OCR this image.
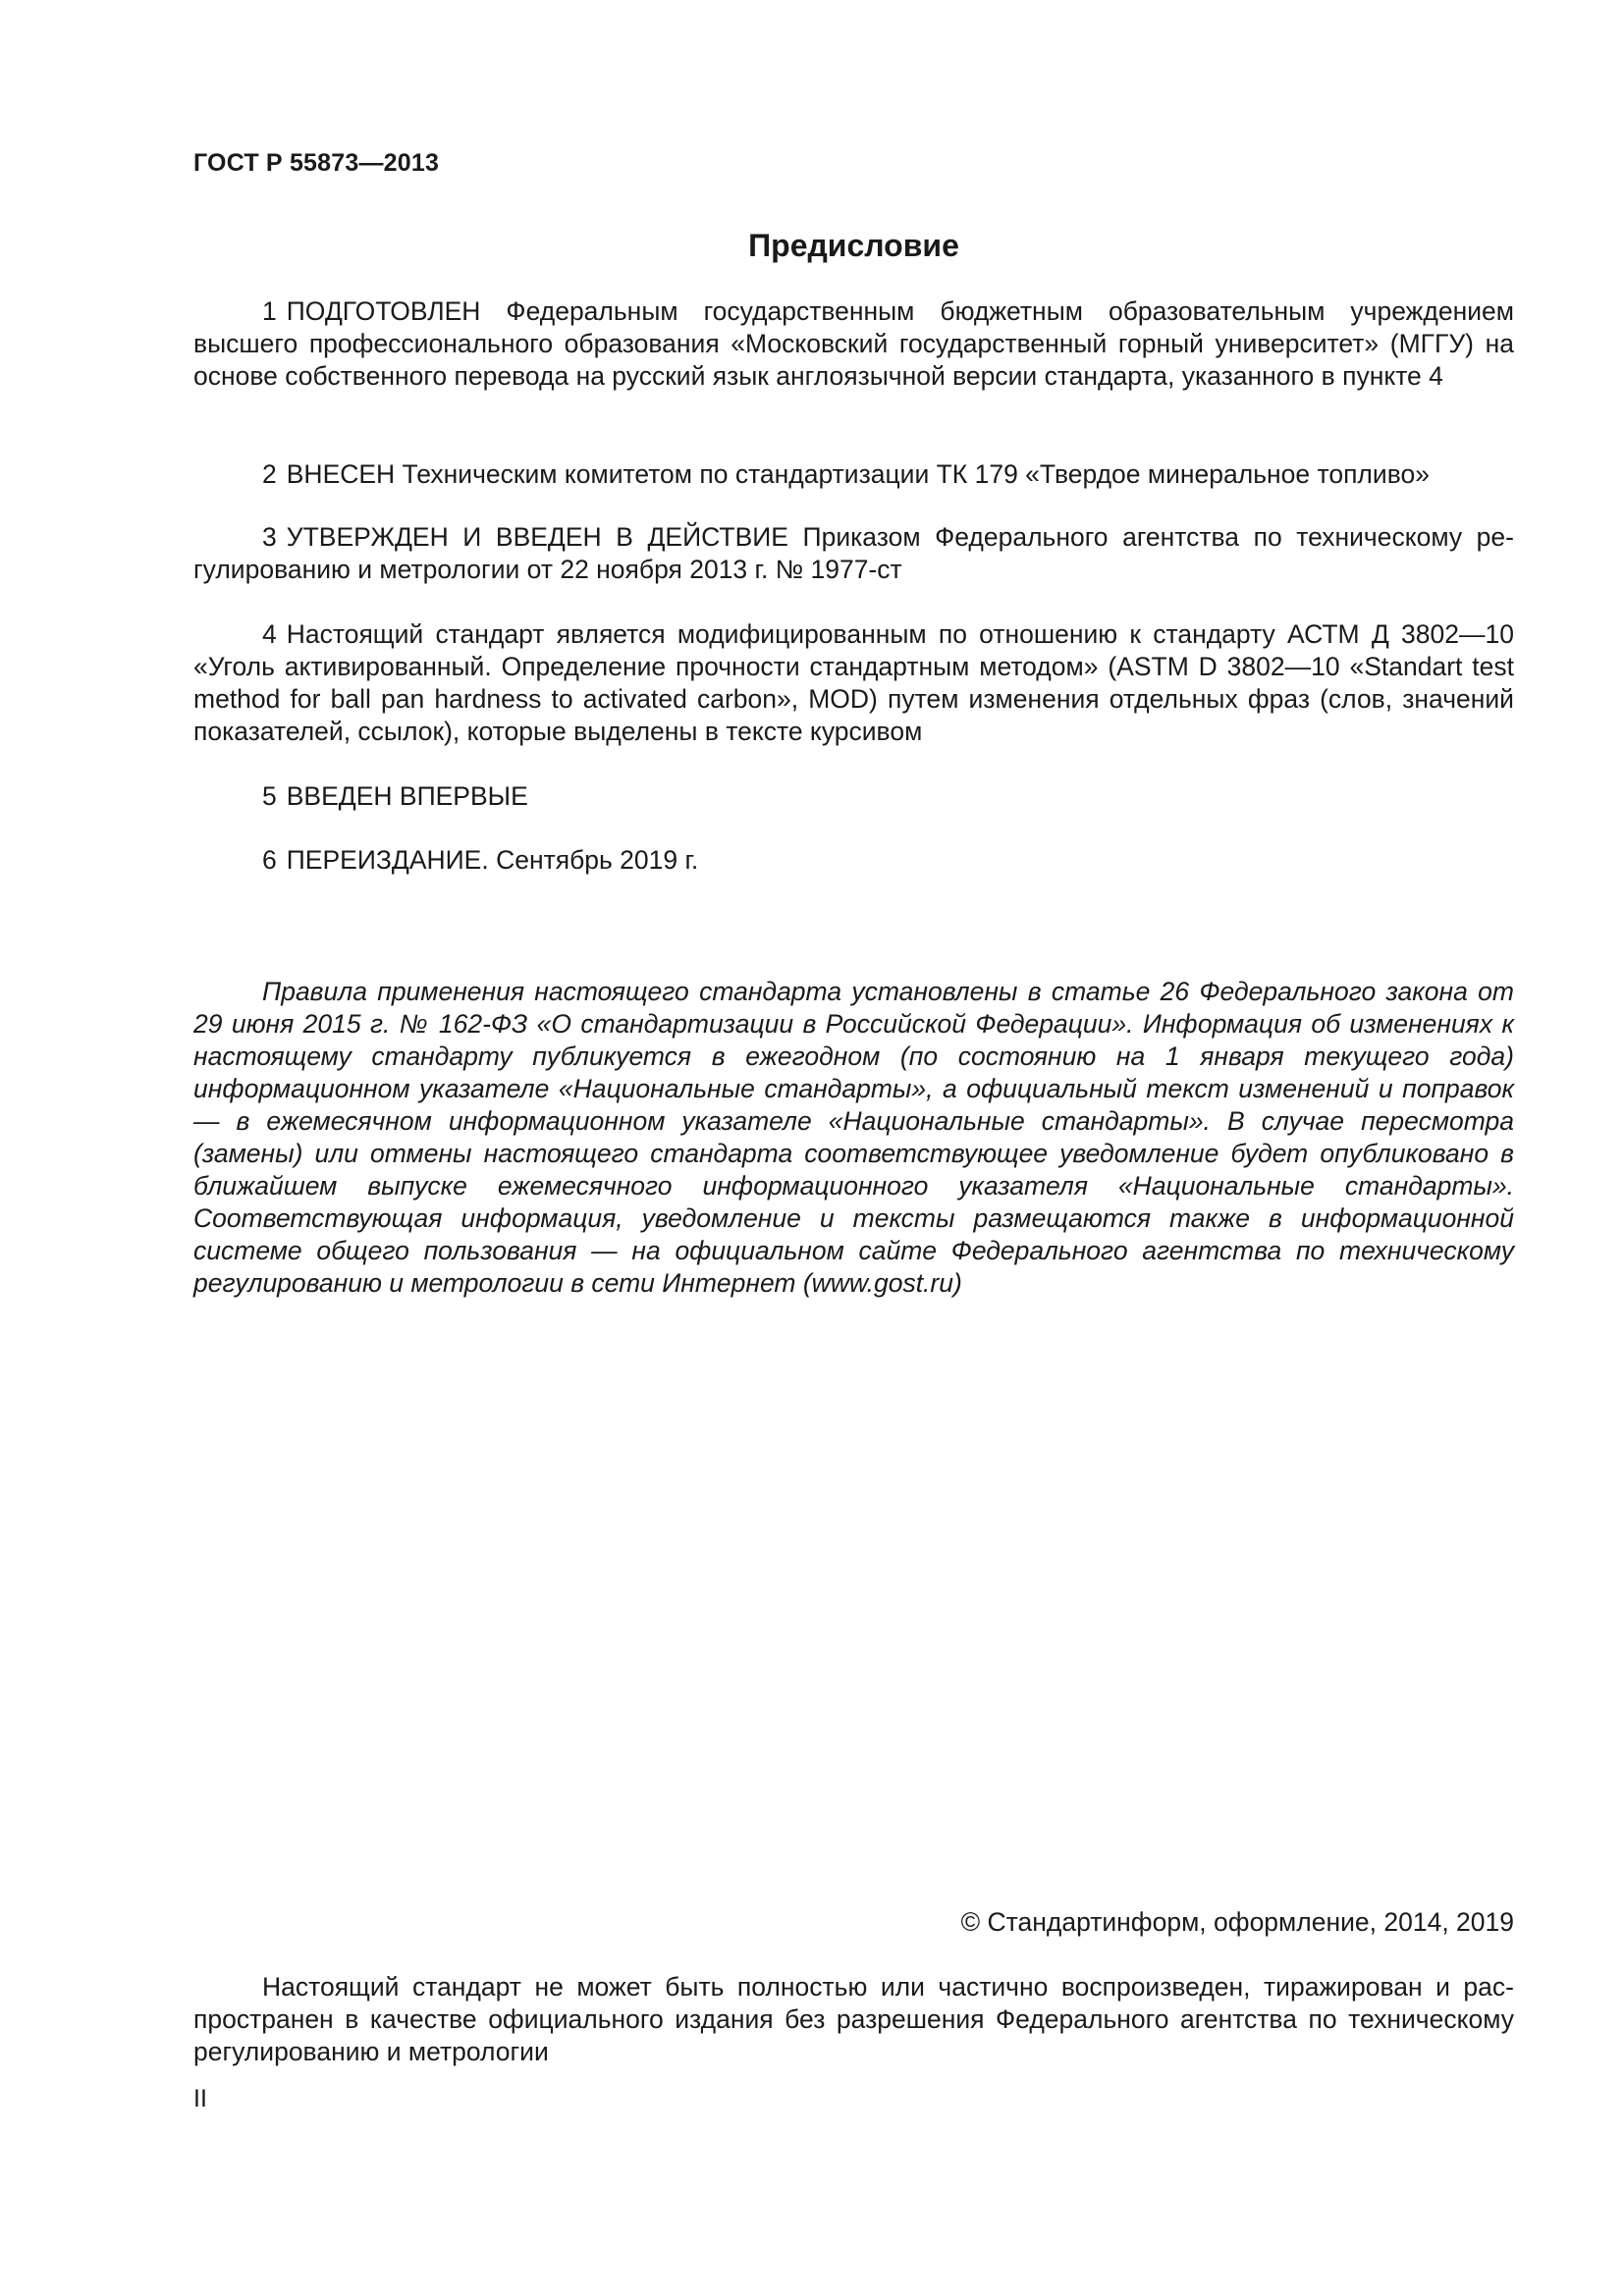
ГОСТ Р 55873—2013
Предисловие
1 ПОДГОТОВЛЕН Федеральным государственным бюджетным образовательным учреждением высшего профессионального образования «Московский государственный горный университет» (МГГУ) на основе собственного перевода на русский язык англоязычной версии стандарта, указанного в пункте 4
2 ВНЕСЕН Техническим комитетом по стандартизации ТК 179 «Твердое минеральное топливо»
3 УТВЕРЖДЕН И ВВЕДЕН В ДЕЙСТВИЕ Приказом Федерального агентства по техническому регулированию и метрологии от 22 ноября 2013 г. № 1977-ст
4 Настоящий стандарт является модифицированным по отношению к стандарту АСТМ Д 3802—10 «Уголь активированный. Определение прочности стандартным методом» (ASTM D 3802—10 «Standart test method for ball pan hardness to activated carbon», MOD) путем изменения отдельных фраз (слов, значений показателей, ссылок), которые выделены в тексте курсивом
5 ВВЕДЕН ВПЕРВЫЕ
6 ПЕРЕИЗДАНИЕ. Сентябрь 2019 г.
Правила применения настоящего стандарта установлены в статье 26 Федерального закона от 29 июня 2015 г. № 162-ФЗ «О стандартизации в Российской Федерации». Информация об изменениях к настоящему стандарту публикуется в ежегодном (по состоянию на 1 января текущего года) информационном указателе «Национальные стандарты», а официальный текст изменений и поправок — в ежемесячном информационном указателе «Национальные стандарты». В случае пересмотра (замены) или отмены настоящего стандарта соответствующее уведомление будет опубликовано в ближайшем выпуске ежемесячного информационного указателя «Национальные стандарты». Соответствующая информация, уведомление и тексты размещаются также в информационной системе общего пользования — на официальном сайте Федерального агентства по техническому регулированию и метрологии в сети Интернет (www.gost.ru)
© Стандартинформ, оформление, 2014, 2019
Настоящий стандарт не может быть полностью или частично воспроизведен, тиражирован и распространен в качестве официального издания без разрешения Федерального агентства по техническому регулированию и метрологии
II
